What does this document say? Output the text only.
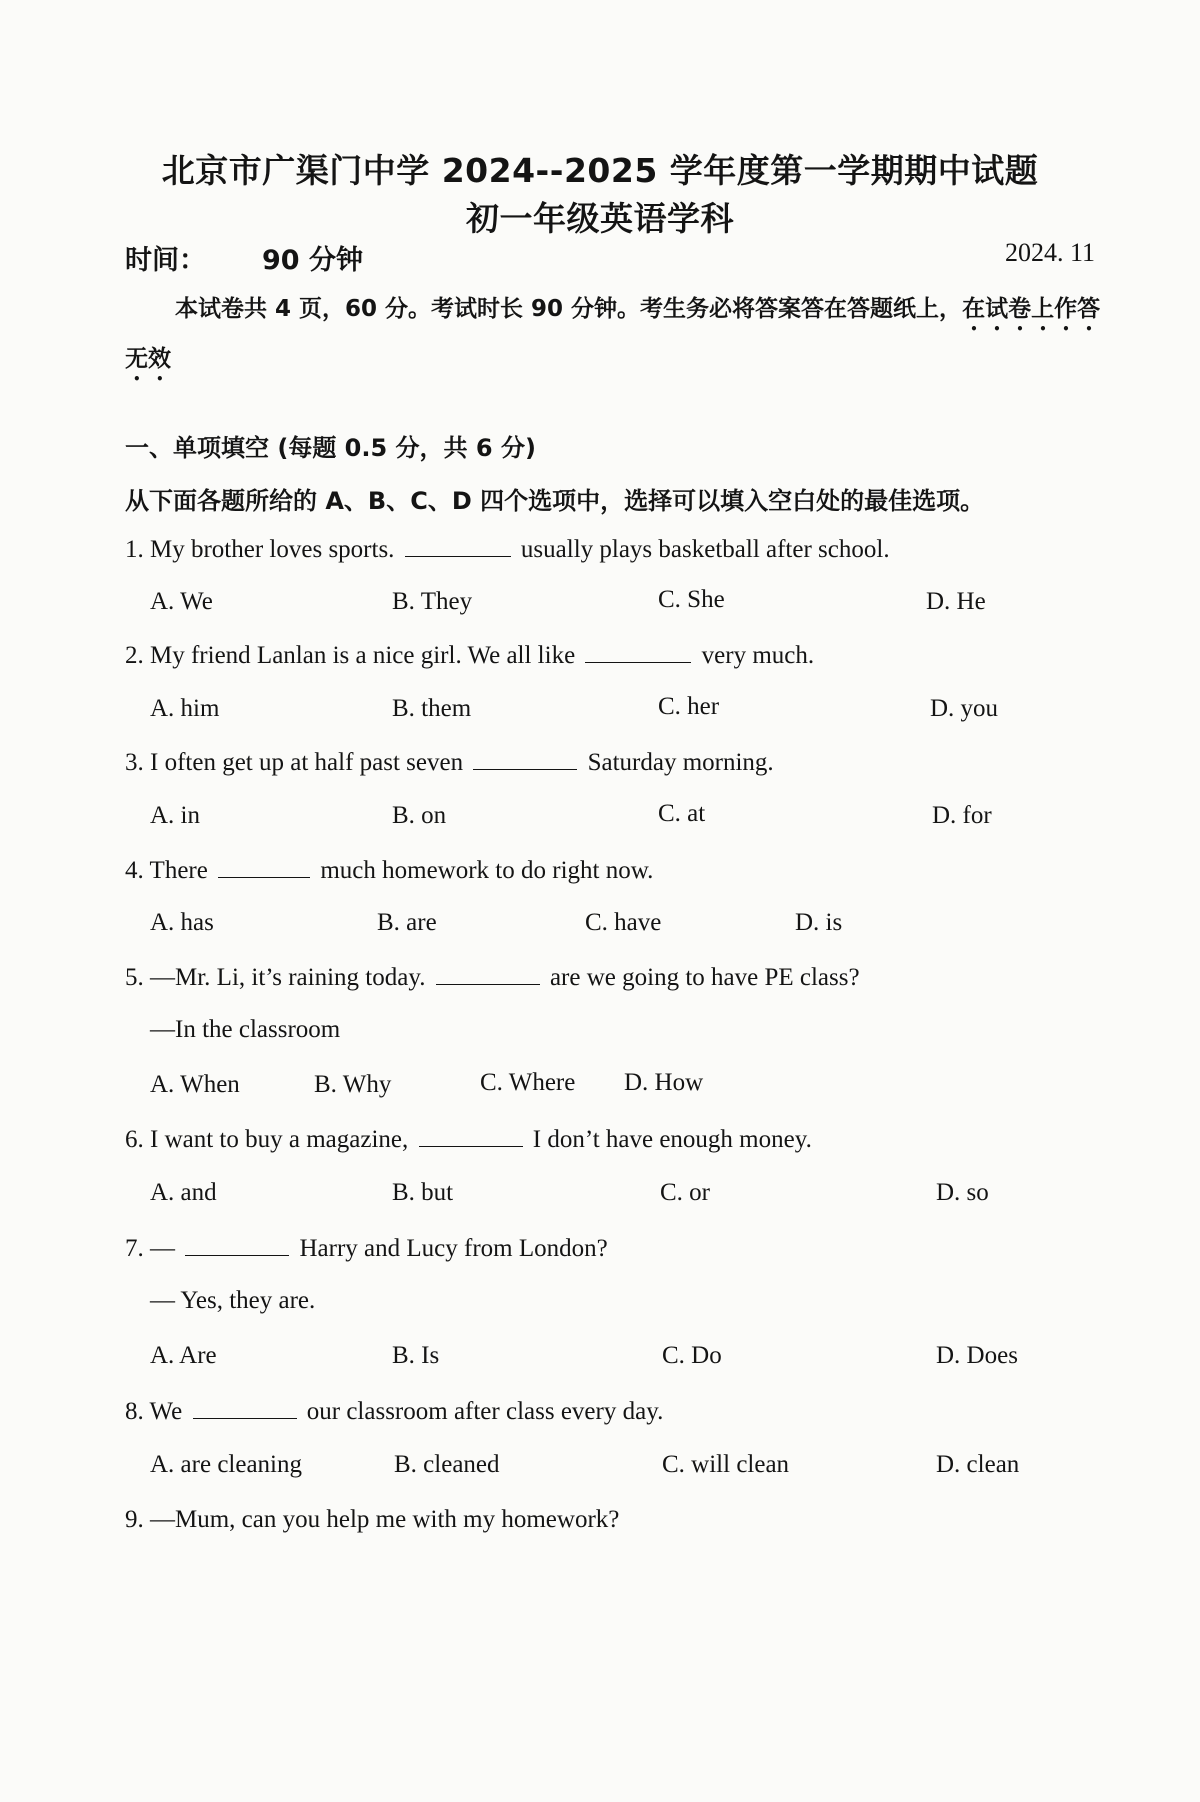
北京市广渠门中学 2024--2025 学年度第一学期期中试题
初一年级英语学科
时间： 90 分钟	2024. 11
本试卷共 4 页，60 分。考试时长 90 分钟。考生务必将答案答在答题纸上，在试卷上作答无效
一、单项填空 (每题 0.5 分，共 6 分)
从下面各题所给的 A、B、C、D 四个选项中，选择可以填入空白处的最佳选项。
1. My brother loves sports.	usually plays basketball after school.
A. We	B. They	C. She	D. He
2. My friend Lanlan is a nice girl. We all like	very much.
A. him	B. them	C. her	D. you
3. I often get up at half past seven	Saturday morning.
A. in	B. on	C. at	D. for
4. There	much homework to do right now.
A. has	B. are	C. have	D. is
5. —Mr. Li, it’s raining today.	are we going to have PE class?
—In the classroom
A. When	B. Why	C. Where D. How
6. I want to buy a magazine,	I don’t have enough money.
A. and	B. but	C. or	D. so
7. —	Harry and Lucy from London?
— Yes, they are.
A. Are	B. Is	C. Do	D. Does
8. We	our classroom after class every day.
A. are cleaning	B. cleaned	C. will clean	D. clean
9. —Mum, can you help me with my homework?
